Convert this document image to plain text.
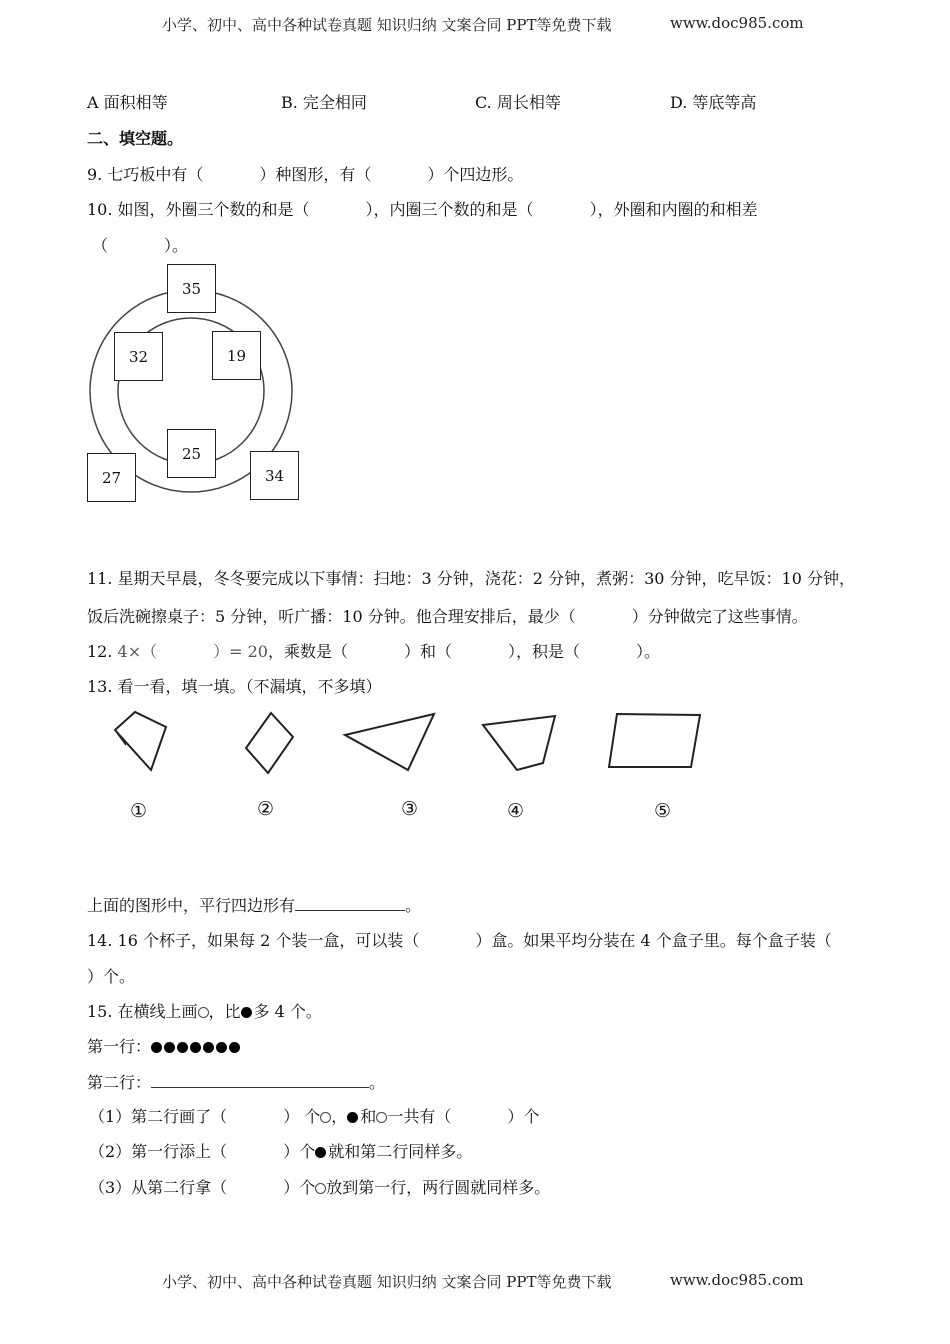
小学、初中、高中各种试卷真题 知识归纳 文案合同 PPT等免费下载	www.doc985.com
A 面积相等	B. 完全相同	C. 周长相等	D. 等底等高
二、填空题。
9. 七巧板中有（	）种图形，有（	）个四边形。
10. 如图，外圈三个数的和是（	），内圈三个数的和是（	），外圈和内圈的和相差
（	）。
35
32	19
25
27	34
11. 星期天早晨，冬冬要完成以下事情：扫地：3 分钟，浇花：2 分钟，煮粥：30 分钟，吃早饭：10 分钟，
饭后洗碗擦桌子：5 分钟，听广播：10 分钟。他合理安排后，最少（	）分钟做完了这些事情。
12. 4×（	）= 20，乘数是（	）和（	），积是（	）。
13. 看一看，填一填。（不漏填，不多填）
①	②	③	④	⑤
上面的图形中，平行四边形有	。
14. 16 个杯子，如果每 2 个装一盒，可以装（	）盒。如果平均分装在 4 个盒子里。每个盒子装（
）个。
15. 在横线上画 ，比 多 4 个。
第一行：
第二行：	。
（1）第二行画了（	） 个 ， 和 一共有（	）个
（2）第一行添上（	）个 就和第二行同样多。
（3）从第二行拿（	）个 放到第一行，两行圆就同样多。
小学、初中、高中各种试卷真题 知识归纳 文案合同 PPT等免费下载	www.doc985.com
